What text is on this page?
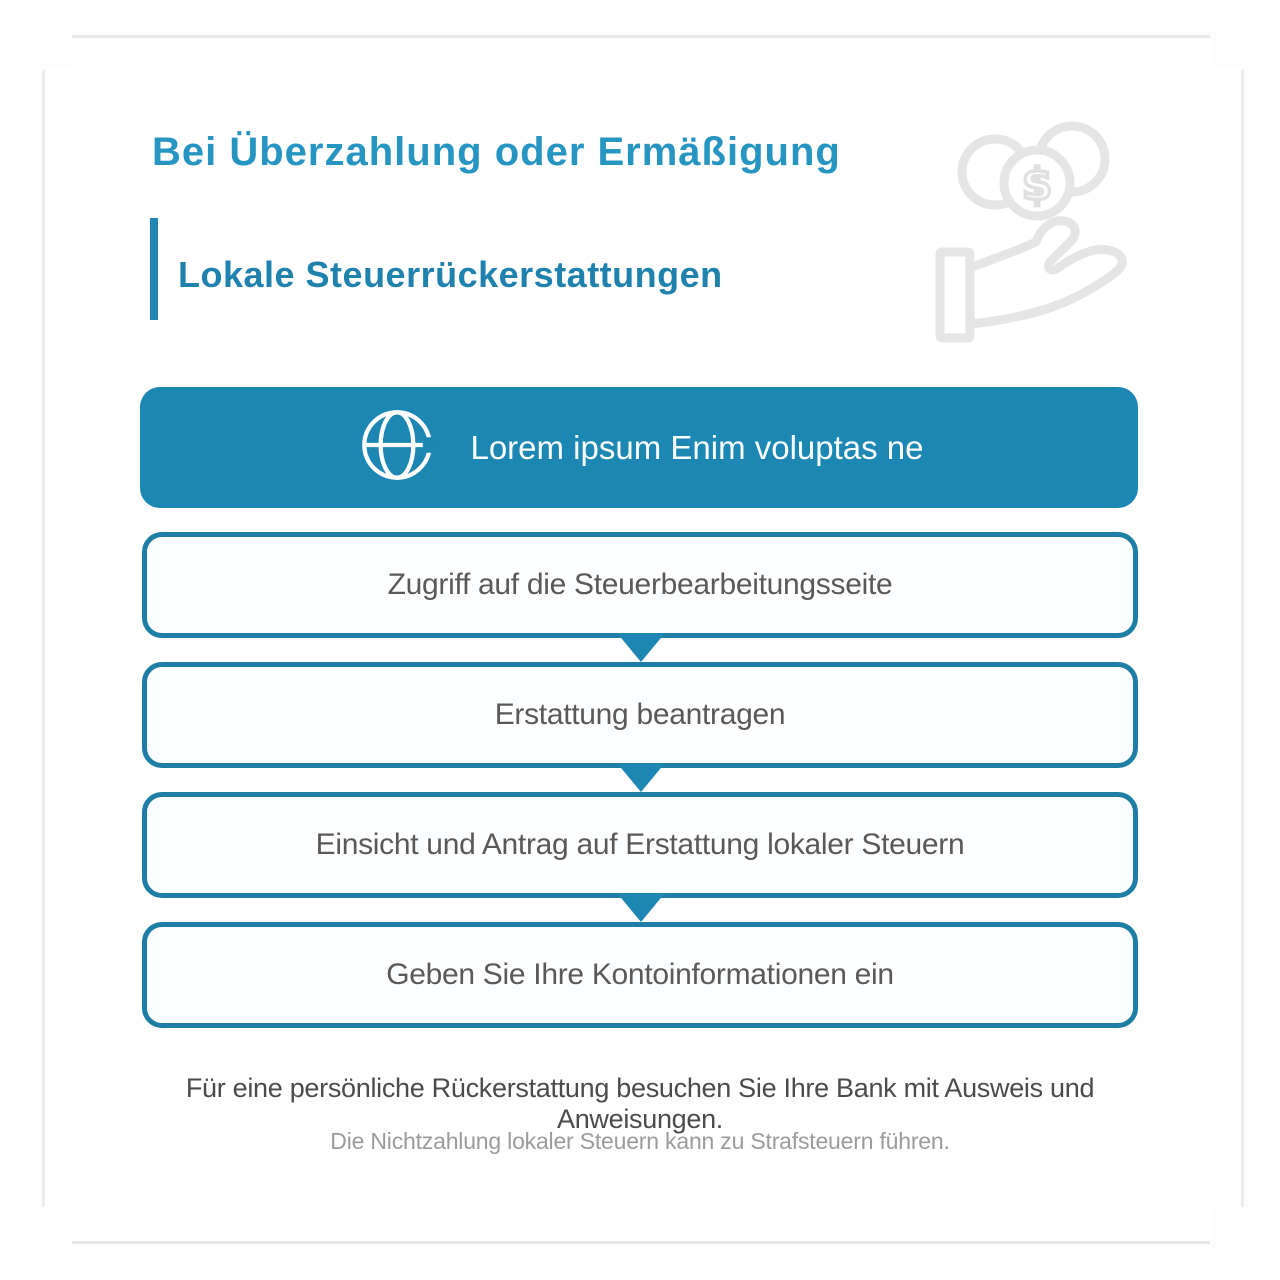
Bei Überzahlung oder Ermäßigung
Lokale Steuerrückerstattungen
$
Lorem ipsum Enim voluptas ne
Zugriff auf die Steuerbearbeitungsseite
Erstattung beantragen
Einsicht und Antrag auf Erstattung lokaler Steuern
Geben Sie Ihre Kontoinformationen ein
Für eine persönliche Rückerstattung besuchen Sie Ihre Bank mit Ausweis und Anweisungen.
Die Nichtzahlung lokaler Steuern kann zu Strafsteuern führen.
